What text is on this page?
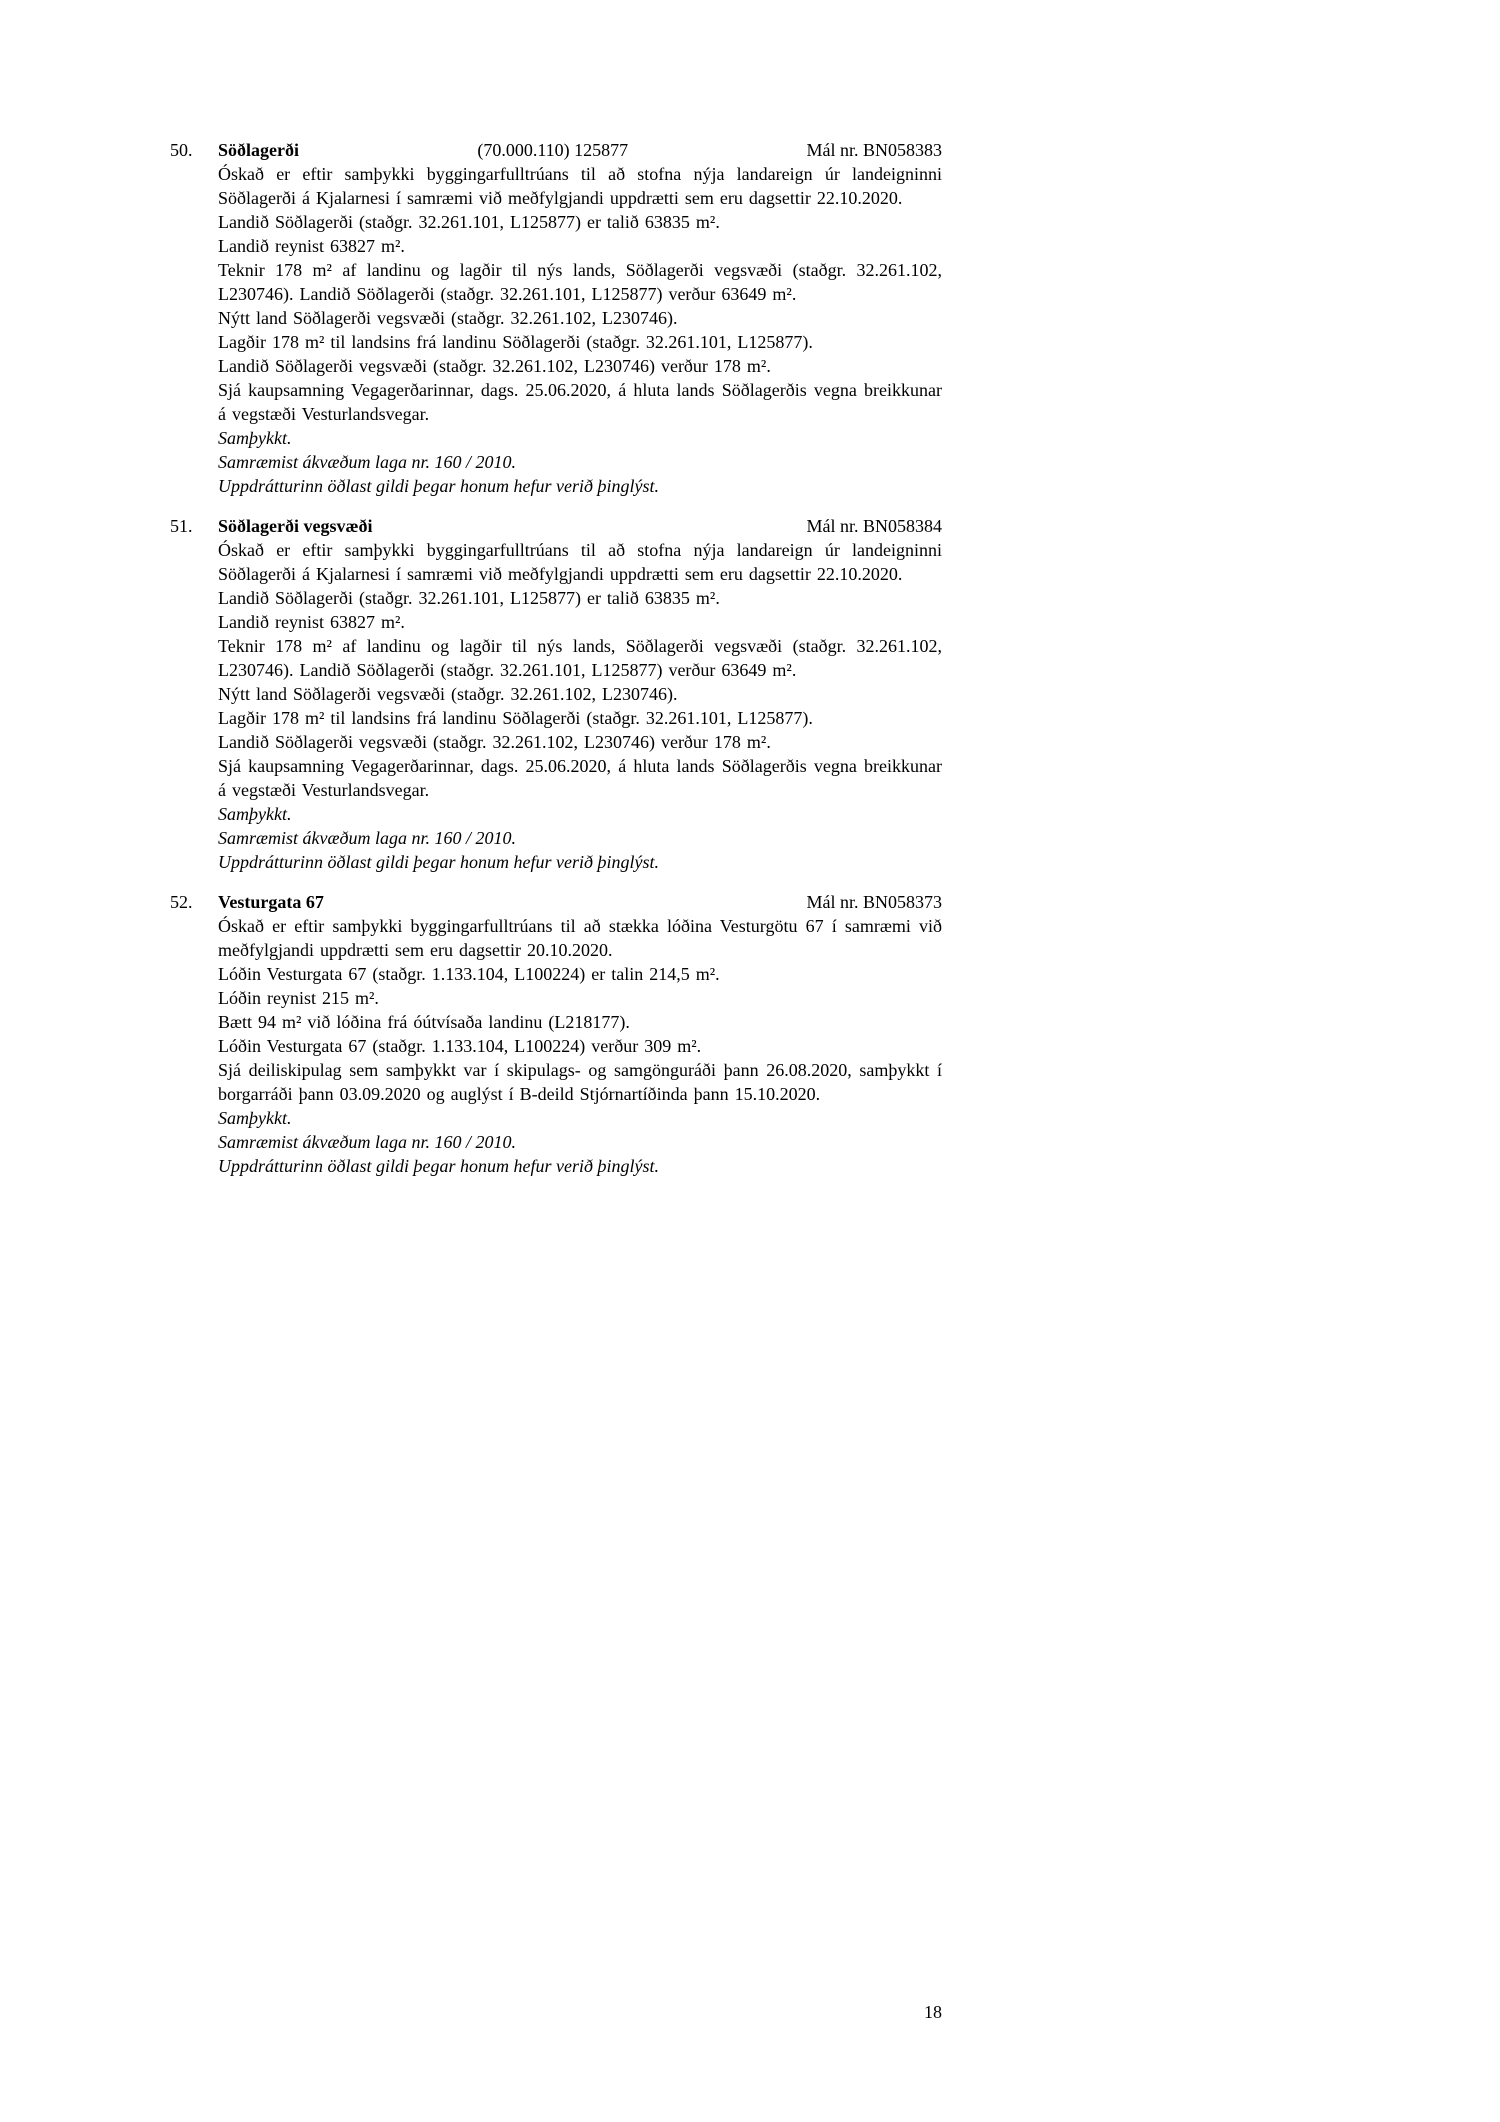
50.	Söðlagerði	(70.000.110) 125877	Mál nr. BN058383

Óskað er eftir samþykki byggingarfulltrúans til að stofna nýja landareign úr landeigninni Söðlagerði á Kjalarnesi í samræmi við meðfylgjandi uppdrætti sem eru dagsettir 22.10.2020.

Landið Söðlagerði (staðgr. 32.261.101, L125877) er talið 63835 m².

Landið reynist 63827 m².

Teknir 178 m² af landinu og lagðir til nýs lands, Söðlagerði vegsvæði (staðgr. 32.261.102, L230746). Landið Söðlagerði (staðgr. 32.261.101, L125877) verður 63649 m².

Nýtt land Söðlagerði vegsvæði (staðgr. 32.261.102, L230746).

Lagðir 178 m² til landsins frá landinu Söðlagerði (staðgr. 32.261.101, L125877).

Landið Söðlagerði vegsvæði (staðgr. 32.261.102, L230746) verður 178 m².

Sjá kaupsamning Vegagerðarinnar, dags. 25.06.2020, á hluta lands Söðlagerðis vegna breikkunar á vegstæði Vesturlandsvegar.

Samþykkt.

Samræmist ákvæðum laga nr. 160 / 2010.

Uppdrátturinn öðlast gildi þegar honum hefur verið þinglýst.

51.	Söðlagerði vegsvæði	Mál nr. BN058384

Óskað er eftir samþykki byggingarfulltrúans til að stofna nýja landareign úr landeigninni Söðlagerði á Kjalarnesi í samræmi við meðfylgjandi uppdrætti sem eru dagsettir 22.10.2020.

Landið Söðlagerði (staðgr. 32.261.101, L125877) er talið 63835 m².

Landið reynist 63827 m².

Teknir 178 m² af landinu og lagðir til nýs lands, Söðlagerði vegsvæði (staðgr. 32.261.102, L230746). Landið Söðlagerði (staðgr. 32.261.101, L125877) verður 63649 m².

Nýtt land Söðlagerði vegsvæði (staðgr. 32.261.102, L230746).

Lagðir 178 m² til landsins frá landinu Söðlagerði (staðgr. 32.261.101, L125877).

Landið Söðlagerði vegsvæði (staðgr. 32.261.102, L230746) verður 178 m².

Sjá kaupsamning Vegagerðarinnar, dags. 25.06.2020, á hluta lands Söðlagerðis vegna breikkunar á vegstæði Vesturlandsvegar.

Samþykkt.

Samræmist ákvæðum laga nr. 160 / 2010.

Uppdrátturinn öðlast gildi þegar honum hefur verið þinglýst.

52.	Vesturgata 67	Mál nr. BN058373

Óskað er eftir samþykki byggingarfulltrúans til að stækka lóðina Vesturgötu 67 í samræmi við meðfylgjandi uppdrætti sem eru dagsettir 20.10.2020.

Lóðin Vesturgata 67 (staðgr. 1.133.104, L100224) er talin 214,5 m².

Lóðin reynist 215 m².

Bætt 94 m² við lóðina frá óútvísaða landinu (L218177).

Lóðin Vesturgata 67 (staðgr. 1.133.104, L100224) verður 309 m².

Sjá deiliskipulag sem samþykkt var í skipulags- og samgönguráði þann 26.08.2020, samþykkt í borgarráði þann 03.09.2020 og auglýst í B-deild Stjórnartíðinda þann 15.10.2020.

Samþykkt.

Samræmist ákvæðum laga nr. 160 / 2010.

Uppdrátturinn öðlast gildi þegar honum hefur verið þinglýst.

18
